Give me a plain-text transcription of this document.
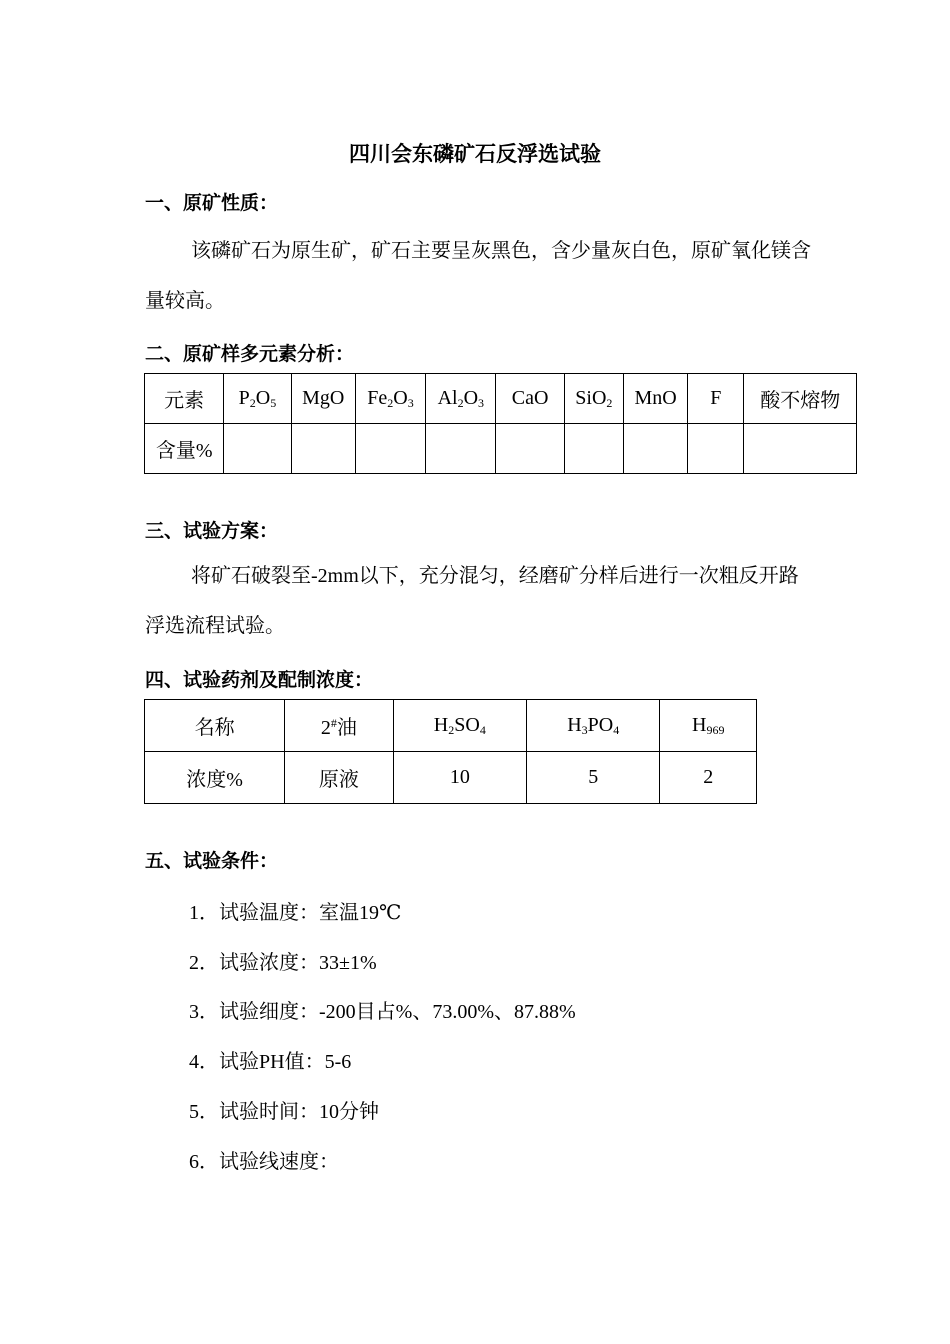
四川会东磷矿石反浮选试验
一、原矿性质：
该磷矿石为原生矿，矿石主要呈灰黑色，含少量灰白色，原矿氧化镁含量较高。
二、原矿样多元素分析：
元素	$P_2O_5$	MgO	$Fe_2O_3$	$Al_2O_3$	CaO	SiO$_2$	MnO	F	酸不熔物
含量%									
三、试验方案：
将矿石破裂至-2mm以下，充分混匀，经磨矿分样后进行一次粗反开路浮选流程试验。
四、试验药剂及配制浓度：
名称	2#油	$H_2SO_4$	$H_3PO_4$	$H_{969}$
浓度%	原液	10	5	2
五、试验条件：
1．试验温度：室温19℃
2．试验浓度：33±1%
3．试验细度：-200目占%、73.00%、87.88%
4．试验PH值：5-6
5．试验时间：10分钟
6．试验线速度：
